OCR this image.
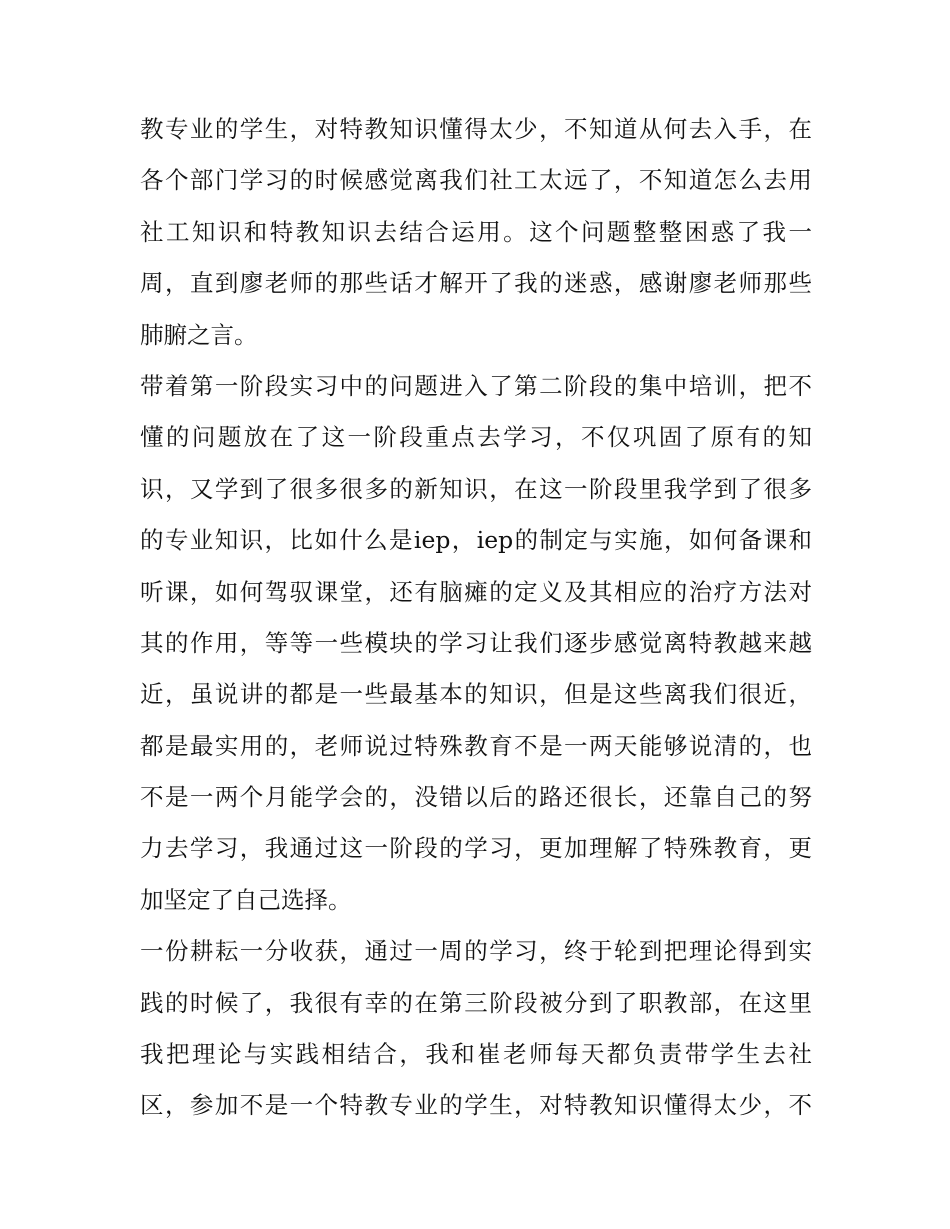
教专业的学生，对特教知识懂得太少，不知道从何去入手，在
各个部门学习的时候感觉离我们社工太远了，不知道怎么去用
社工知识和特教知识去结合运用。这个问题整整困惑了我一
周，直到廖老师的那些话才解开了我的迷惑，感谢廖老师那些
肺腑之言。
带着第一阶段实习中的问题进入了第二阶段的集中培训，把不
懂的问题放在了这一阶段重点去学习，不仅巩固了原有的知
识，又学到了很多很多的新知识，在这一阶段里我学到了很多
的专业知识，比如什么是iep，iep的制定与实施，如何备课和
听课，如何驾驭课堂，还有脑瘫的定义及其相应的治疗方法对
其的作用，等等一些模块的学习让我们逐步感觉离特教越来越
近，虽说讲的都是一些最基本的知识，但是这些离我们很近，
都是最实用的，老师说过特殊教育不是一两天能够说清的，也
不是一两个月能学会的，没错以后的路还很长，还靠自己的努
力去学习，我通过这一阶段的学习，更加理解了特殊教育，更
加坚定了自己选择。
一份耕耘一分收获，通过一周的学习，终于轮到把理论得到实
践的时候了，我很有幸的在第三阶段被分到了职教部，在这里
我把理论与实践相结合，我和崔老师每天都负责带学生去社
区，参加不是一个特教专业的学生，对特教知识懂得太少，不
